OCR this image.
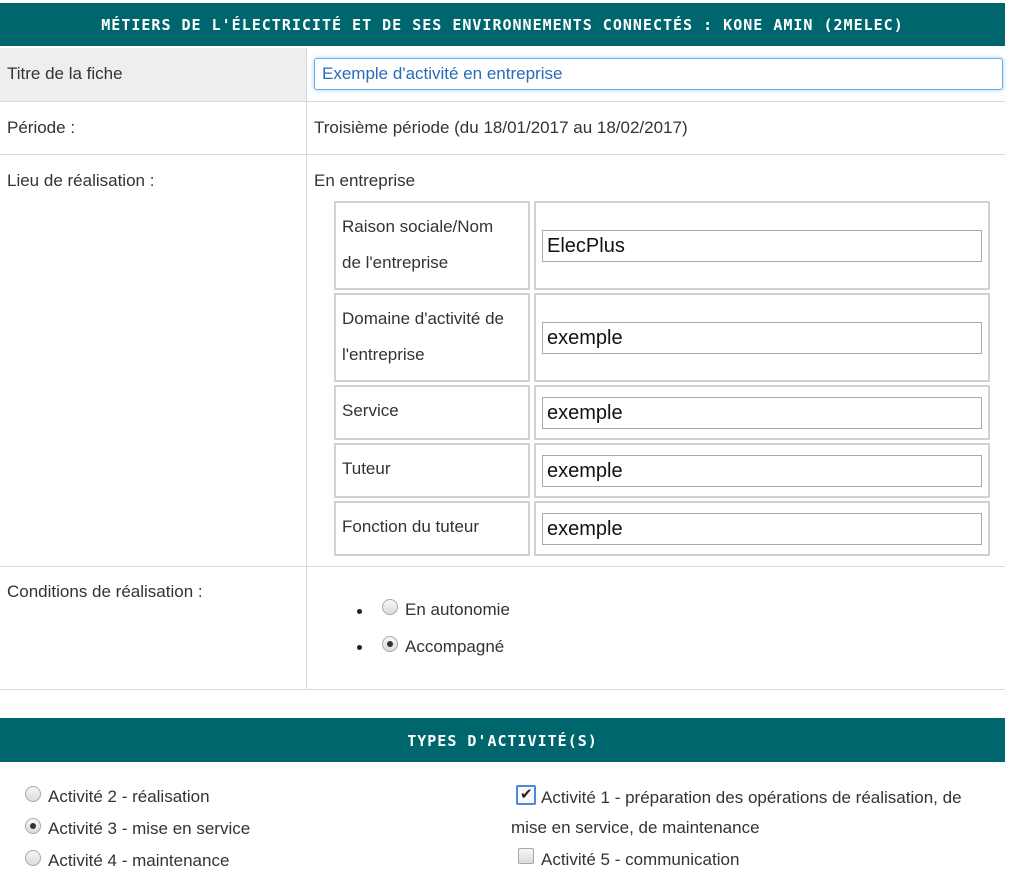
MÉTIERS DE L'ÉLECTRICITÉ ET DE SES ENVIRONNEMENTS CONNECTÉS : KONE AMIN (2MELEC)
Titre de la fiche
Exemple d'activité en entreprise
Période :	Troisième période (du 18/01/2017 au 18/02/2017)
Lieu de réalisation :	En entreprise
Raison sociale/Nom
de l'entreprise
ElecPlus
Domaine d'activité de
l'entreprise
exemple
Service
exemple
Tuteur
exemple
Fonction du tuteur
exemple
Conditions de réalisation :
En autonomie
Accompagné
TYPES D'ACTIVITÉ(S)
Activité 2 - réalisation
Activité 3 - mise en service
Activité 4 - maintenance
✔
Activité 1 - préparation des opérations de réalisation, de
mise en service, de maintenance
Activité 5 - communication
